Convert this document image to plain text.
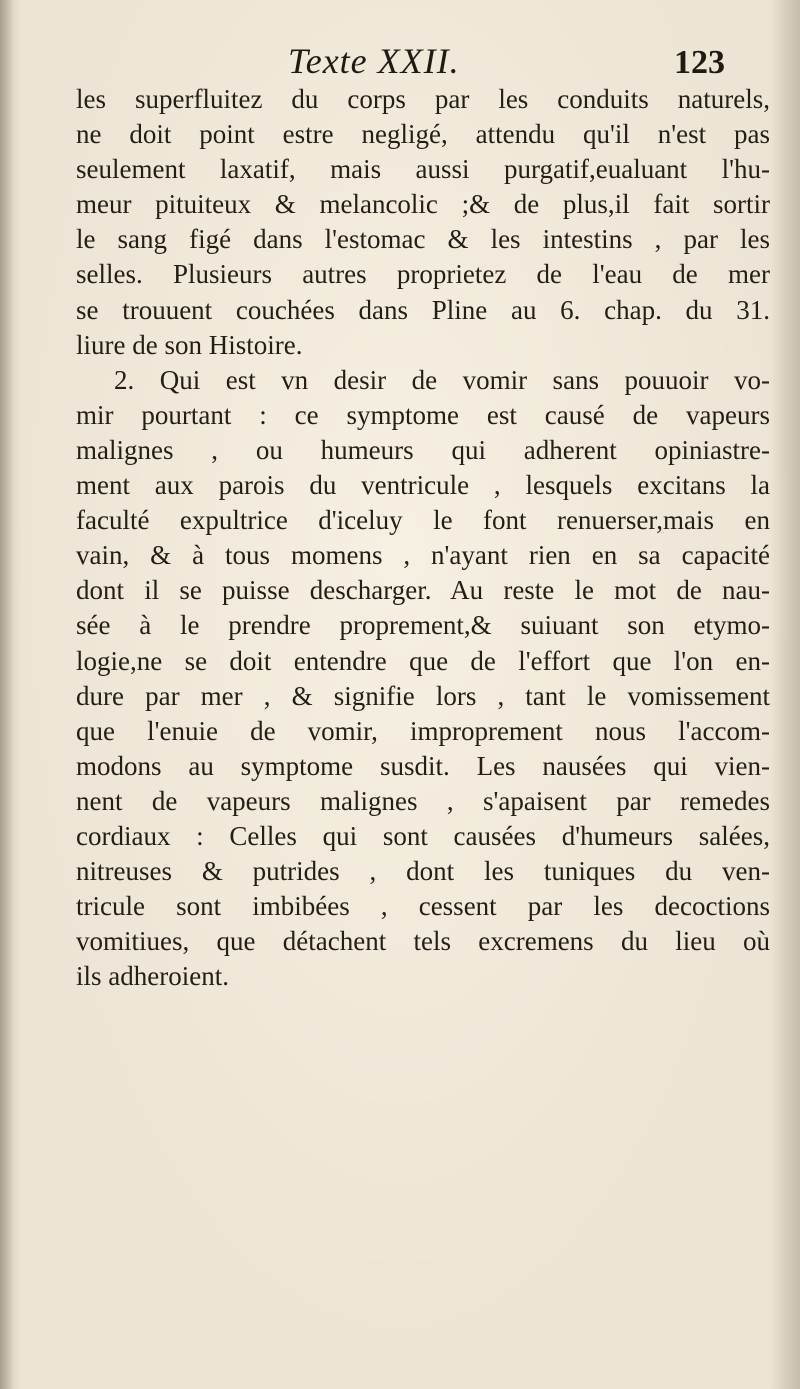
Texte XXII.	123
les superfluitez du corps par les conduits naturels,
ne doit point estre negligé, attendu qu'il n'est pas
seulement laxatif, mais aussi purgatif,eualuant l'hu-
meur pituiteux & melancolic ;& de plus,il fait sortir
le sang figé dans l'estomac & les intestins , par les
selles. Plusieurs autres proprietez de l'eau de mer
se trouuent couchées dans Pline au 6. chap. du 31.
liure de son Histoire.
2. Qui est vn desir de vomir sans pouuoir vo-
mir pourtant : ce symptome est causé de vapeurs
malignes , ou humeurs qui adherent opiniastre-
ment aux parois du ventricule , lesquels excitans la
faculté expultrice d'iceluy le font renuerser,mais en
vain, & à tous momens , n'ayant rien en sa capacité
dont il se puisse descharger. Au reste le mot de nau-
sée à le prendre proprement,& suiuant son etymo-
logie,ne se doit entendre que de l'effort que l'on en-
dure par mer , & signifie lors , tant le vomissement
que l'enuie de vomir, improprement nous l'accom-
modons au symptome susdit. Les nausées qui vien-
nent de vapeurs malignes , s'apaisent par remedes
cordiaux : Celles qui sont causées d'humeurs salées,
nitreuses & putrides , dont les tuniques du ven-
tricule sont imbibées , cessent par les decoctions
vomitiues, que détachent tels excremens du lieu où
ils adheroient.
